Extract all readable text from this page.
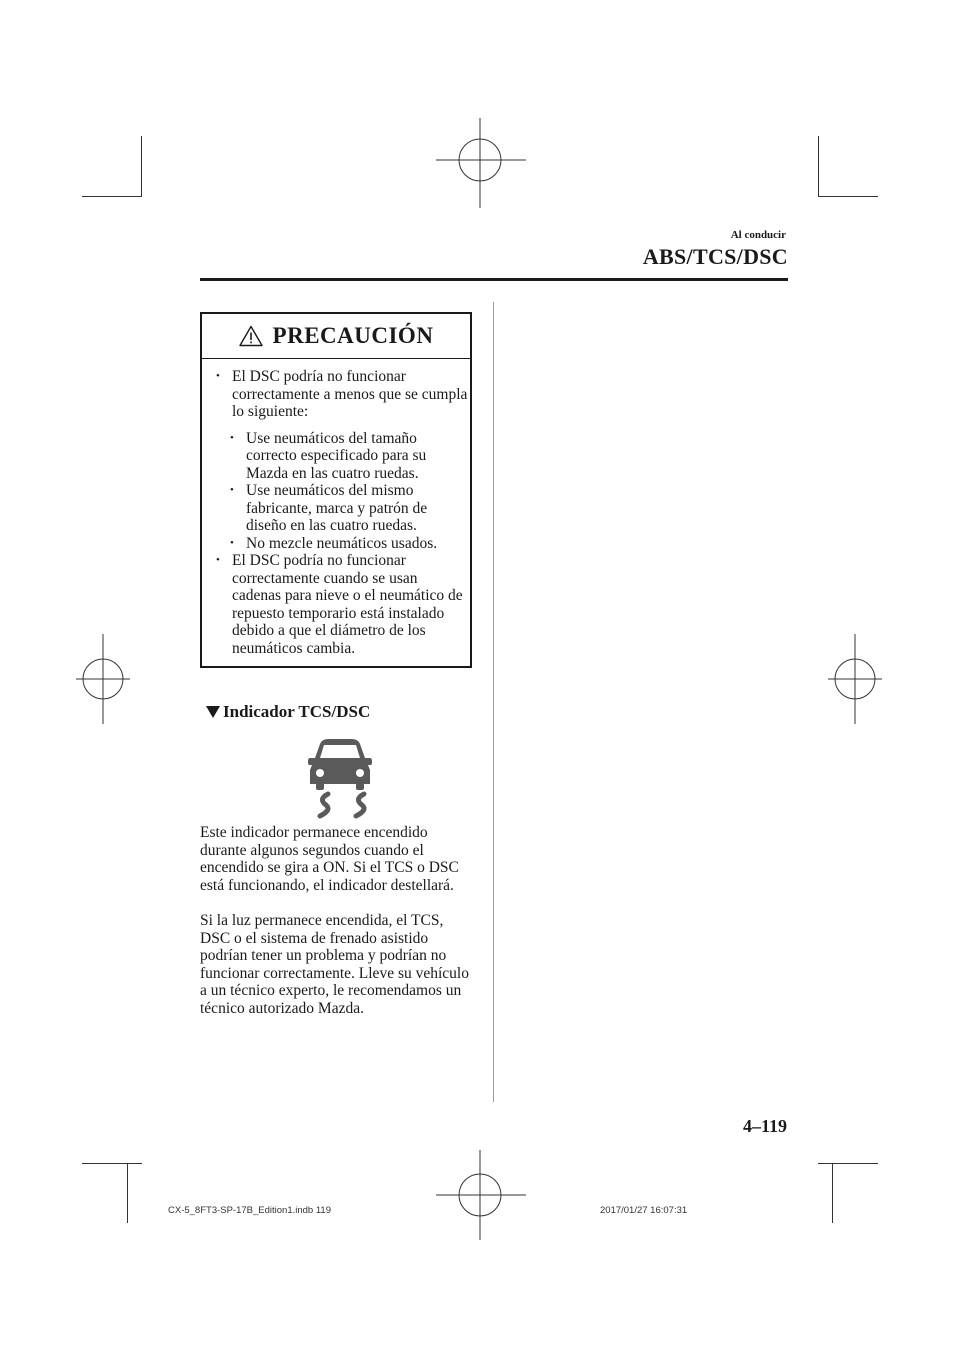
Al conducir
ABS/TCS/DSC
PRECAUCIÓN
• El DSC podría no funcionar correctamente a menos que se cumpla lo siguiente:
• Use neumáticos del tamaño correcto especificado para su Mazda en las cuatro ruedas.
• Use neumáticos del mismo fabricante, marca y patrón de diseño en las cuatro ruedas.
• No mezcle neumáticos usados.
• El DSC podría no funcionar correctamente cuando se usan cadenas para nieve o el neumático de repuesto temporario está instalado debido a que el diámetro de los neumáticos cambia.
Indicador TCS/DSC
Este indicador permanece encendido durante algunos segundos cuando el encendido se gira a ON. Si el TCS o DSC está funcionando, el indicador destellará.
Si la luz permanece encendida, el TCS, DSC o el sistema de frenado asistido podrían tener un problema y podrían no funcionar correctamente. Lleve su vehículo a un técnico experto, le recomendamos un técnico autorizado Mazda.
4–119
CX-5_8FT3-SP-17B_Edition1.indb 119	2017/01/27 16:07:31
